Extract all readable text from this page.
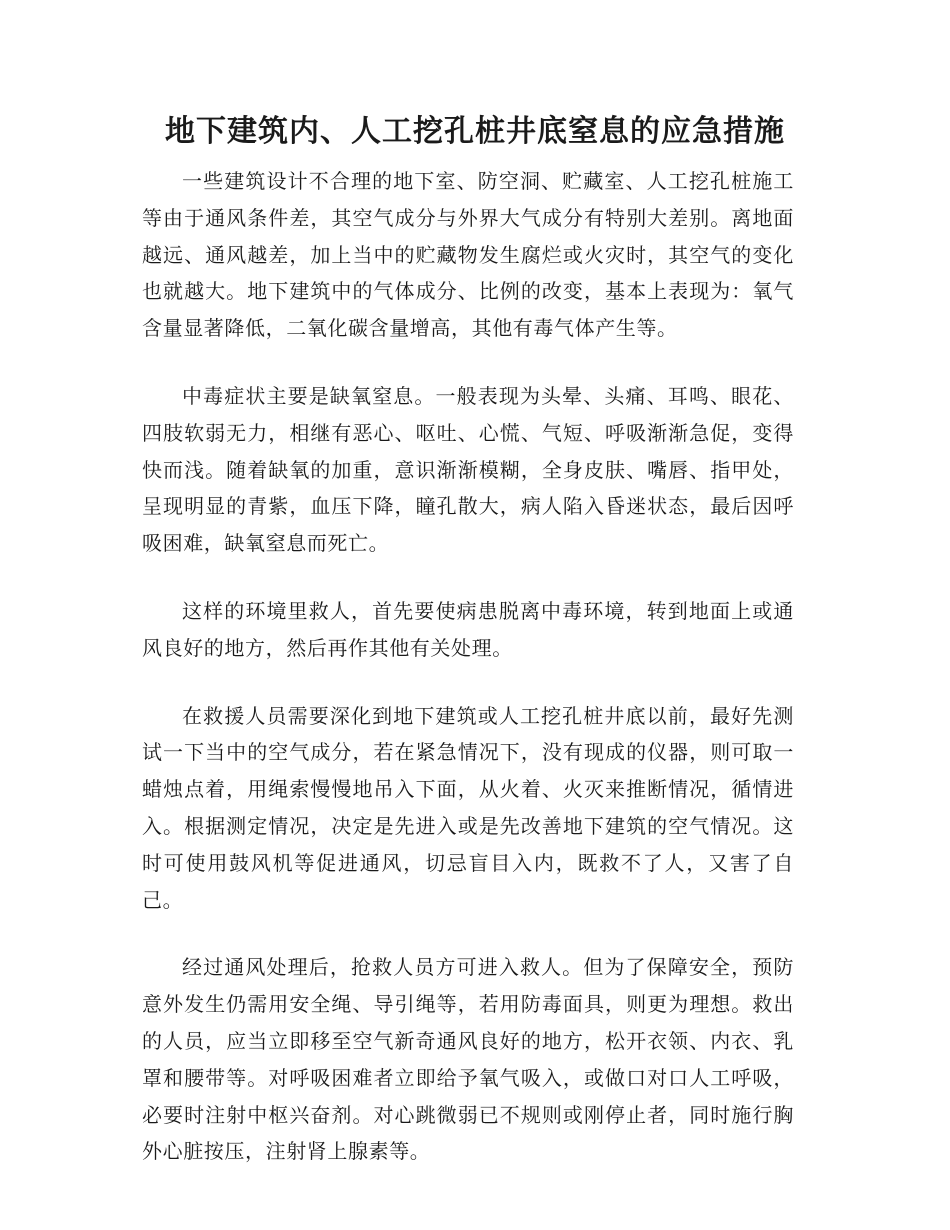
地下建筑内、人工挖孔桩井底窒息的应急措施

一些建筑设计不合理的地下室、防空洞、贮藏室、人工挖孔桩施工等由于通风条件差，其空气成分与外界大气成分有特别大差别。离地面越远、通风越差，加上当中的贮藏物发生腐烂或火灾时，其空气的变化也就越大。地下建筑中的气体成分、比例的改变，基本上表现为：氧气含量显著降低，二氧化碳含量增高，其他有毒气体产生等。

中毒症状主要是缺氧窒息。一般表现为头晕、头痛、耳鸣、眼花、四肢软弱无力，相继有恶心、呕吐、心慌、气短、呼吸渐渐急促，变得快而浅。随着缺氧的加重，意识渐渐模糊，全身皮肤、嘴唇、指甲处，呈现明显的青紫，血压下降，瞳孔散大，病人陷入昏迷状态，最后因呼吸困难，缺氧窒息而死亡。

这样的环境里救人，首先要使病患脱离中毒环境，转到地面上或通风良好的地方，然后再作其他有关处理。

在救援人员需要深化到地下建筑或人工挖孔桩井底以前，最好先测试一下当中的空气成分，若在紧急情况下，没有现成的仪器，则可取一蜡烛点着，用绳索慢慢地吊入下面，从火着、火灭来推断情况，循情进入。根据测定情况，决定是先进入或是先改善地下建筑的空气情况。这时可使用鼓风机等促进通风，切忌盲目入内，既救不了人，又害了自己。

经过通风处理后，抢救人员方可进入救人。但为了保障安全，预防意外发生仍需用安全绳、导引绳等，若用防毒面具，则更为理想。救出的人员，应当立即移至空气新奇通风良好的地方，松开衣领、内衣、乳罩和腰带等。对呼吸困难者立即给予氧气吸入，或做口对口人工呼吸，必要时注射中枢兴奋剂。对心跳微弱已不规则或刚停止者，同时施行胸外心脏按压，注射肾上腺素等。
